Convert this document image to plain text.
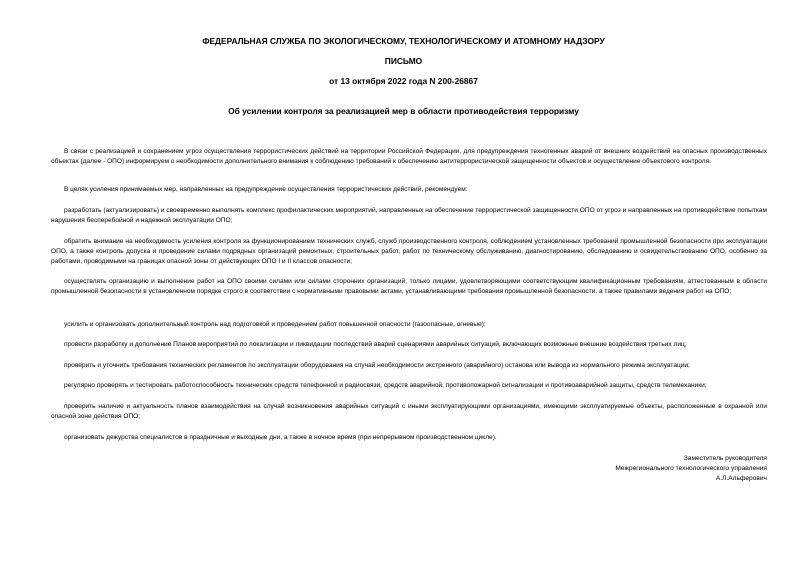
ФЕДЕРАЛЬНАЯ СЛУЖБА ПО ЭКОЛОГИЧЕСКОМУ, ТЕХНОЛОГИЧЕСКОМУ И АТОМНОМУ НАДЗОРУ
ПИСЬМО
от 13 октября 2022 года N 200-26867
Об усилении контроля за реализацией мер в области противодействия терроризму
В связи с реализацией и сохранением угроз осуществления террористических действий на территории Российской Федерации, для предупреждения техногенных аварий от внешних воздействий на опасных производственных объектах (далее - ОПО) информируем о необходимости дополнительного внимания к соблюдению требований к обеспечению антитеррористической защищенности объектов и осуществление объектового контроля.
В целях усиления принимаемых мер, направленных на предупреждение осуществления террористических действий, рекомендуем:
разработать (актуализировать) и своевременно выполнять комплекс профилактических мероприятий, направленных на обеспечение террористической защищенности ОПО от угроз и направленных на противодействие попыткам нарушения бесперебойной и надежной эксплуатации ОПО;
обратить внимание на необходимость усиления контроля за функционированием технических служб, служб производственного контроля, соблюдением установленных требований промышленной безопасности при эксплуатации ОПО, а также контроль допуска и проведение силами подрядных организаций ремонтных, строительных работ, работ по техническому обслуживанию, диагностированию, обследованию и освидетельствованию ОПО, особенно за работами, проводимыми на границах опасной зоны от действующих ОПО I и II классов опасности;
осуществлять организацию и выполнение работ на ОПО своими силами или силами сторонних организаций, только лицами, удовлетворяющими соответствующим квалификационным требованиям, аттестованным в области промышленной безопасности в установленном порядке строго в соответствии с нормативными правовыми актами, устанавливающими требования промышленной безопасности, а также правилами ведения работ на ОПО;
усилить и организовать дополнительный контроль над подготовкой и проведением работ повышенной опасности (газоопасные, огневые);
провести разработку и дополнение Планов мероприятий по локализации и ликвидации последствий аварий сценариями аварийных ситуаций, включающих возможные внешние воздействия третьих лиц;
проверить и уточнить требования технических регламентов по эксплуатации оборудования на случай необходимости экстренного (аварийного) останова или вывода из нормального режима эксплуатации;
регулярно проверять и тестировать работоспособность технических средств телефонной и радиосвязи, средств аварийной, противопожарной сигнализации и противоаварийной защиты, средств телемеханики;
проверить наличие и актуальность планов взаимодействия на случай возникновения аварийных ситуаций с иными эксплуатирующими организациями, имеющими эксплуатируемые объекты, расположенные в охранной или опасной зоне действия ОПО;
организовать дежурства специалистов в праздничные и выходные дни, а также в ночное время (при непрерывном производственном цикле).
Заместитель руководителя
Межрегионального технологического управления
А.Л.Альферович
